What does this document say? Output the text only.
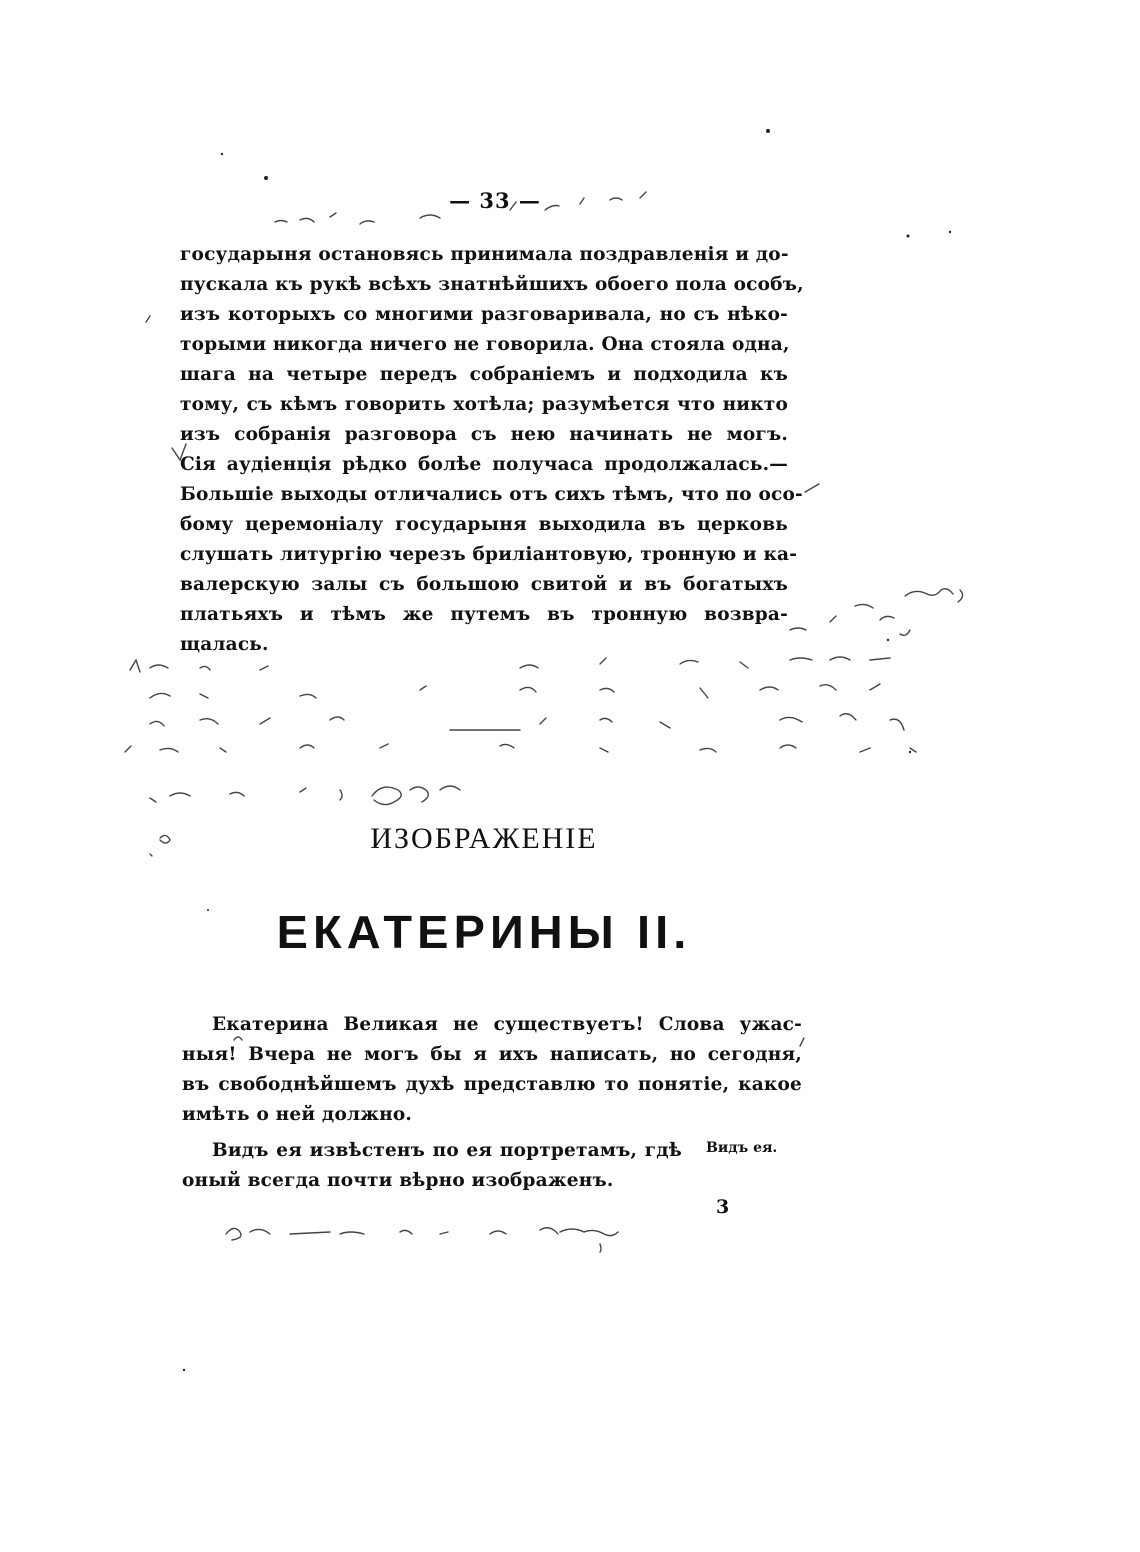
— 33 —
государыня остановясь принимала поздравленія и до-
пускала къ рукѣ всѣхъ знатнѣйшихъ обоего пола особъ,
изъ которыхъ со многими разговаривала, но съ нѣко-
торыми никогда ничего не говорила. Она стояла одна,
шага на четыре передъ собраніемъ и подходила къ
тому, съ кѣмъ говорить хотѣла; разумѣется что никто
изъ собранія разговора съ нею начинать не могъ.
Сія аудіенція рѣдко болѣе получаса продолжалась.—
Большіе выходы отличались отъ сихъ тѣмъ, что по осо-
бому церемоніалу государыня выходила въ церковь
слушать литургію черезъ бриліантовую, тронную и ка-
валерскую залы съ большою свитой и въ богатыхъ
платьяхъ и тѣмъ же путемъ въ тронную возвра-
щалась.
ИЗОБРАЖЕНІЕ
ЕКАТЕРИНЫ II.
Екатерина Великая не существуетъ! Слова ужас-
ныя! Вчера не могъ бы я ихъ написать, но сегодня,
въ свободнѣйшемъ духѣ представлю то понятіе, какое
имѣть о ней должно.
Видъ ея извѣстенъ по ея портретамъ, гдѣ
оный всегда почти вѣрно изображенъ.
Видъ ея.
3
